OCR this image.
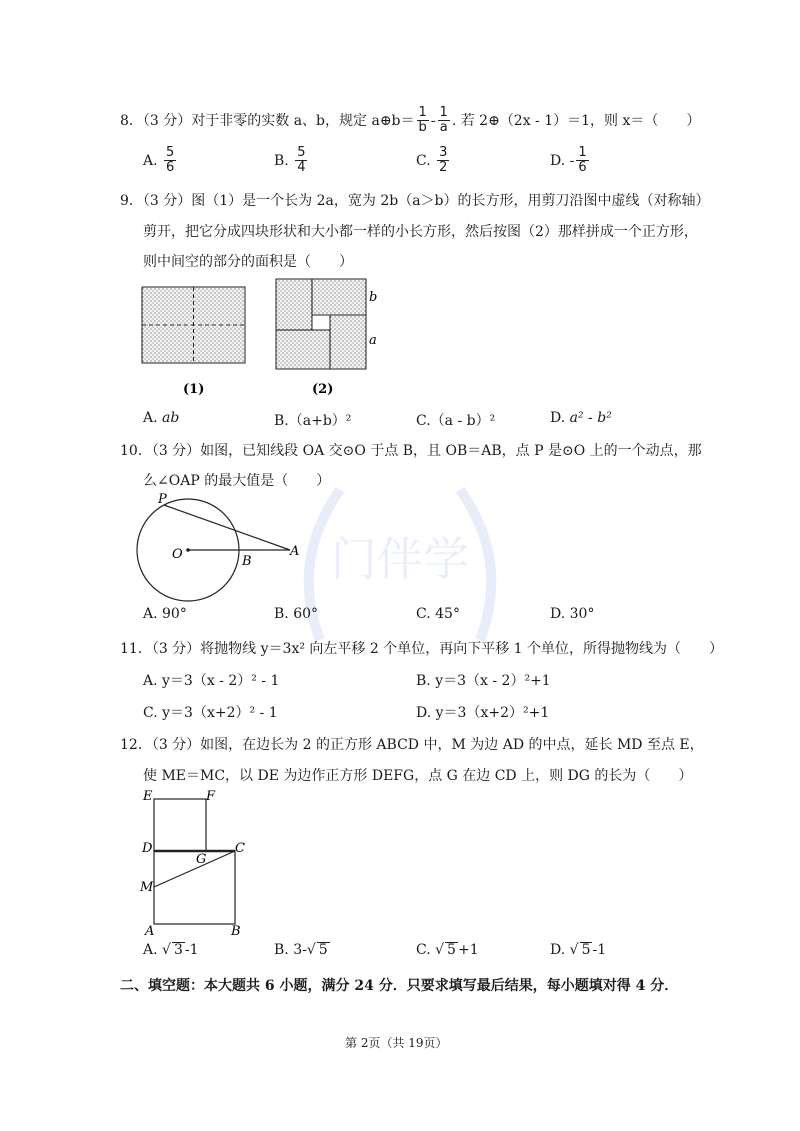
门伴学
8．（3 分）对于非零的实数 a、b，规定 a⊕b＝ $\frac{1}{b} - \frac{1}{a}$ . 若 2⊕（2x - 1）＝1，则 x＝（　　）
A. $\frac{5}{6}$	B. $\frac{5}{4}$	C. $\frac{3}{2}$	D. - $\frac{1}{6}$
9．（3 分）图（1）是一个长为 2a，宽为 2b（a＞b）的长方形，用剪刀沿图中虚线（对称轴）
剪开，把它分成四块形状和大小都一样的小长方形，然后按图（2）那样拼成一个正方形，
则中间空的部分的面积是（　　）
(1)
b
a
(2)
A. ab	B.（a+b）²	C.（a - b）²	D. a² - b²
10．（3 分）如图，已知线段 OA 交⊙O 于点 B，且 OB＝AB，点 P 是⊙O 上的一个动点，那
么∠OAP 的最大值是（　　）
P
O	B
A
A. 90°	B. 60°	C. 45°	D. 30°
11．（3 分）将抛物线 y＝3x² 向左平移 2 个单位，再向下平移 1 个单位，所得抛物线为（　　）
A. y＝3（x - 2）² - 1	B. y＝3（x - 2）²+1
C. y＝3（x+2）² - 1	D. y＝3（x+2）²+1
12．（3 分）如图，在边长为 2 的正方形 ABCD 中，M 为边 AD 的中点，延长 MD 至点 E，
使 ME＝MC，以 DE 为边作正方形 DEFG，点 G 在边 CD 上，则 DG 的长为（　　）
E	F
D
G
C
M
A	B
A. √ 3 -1	B. 3-√ 5	C. √ 5 +1	D. √ 5 -1
二、填空题：本大题共 6 小题，满分 24 分．只要求填写最后结果，每小题填对得 4 分．
第 2页（共 19页）
